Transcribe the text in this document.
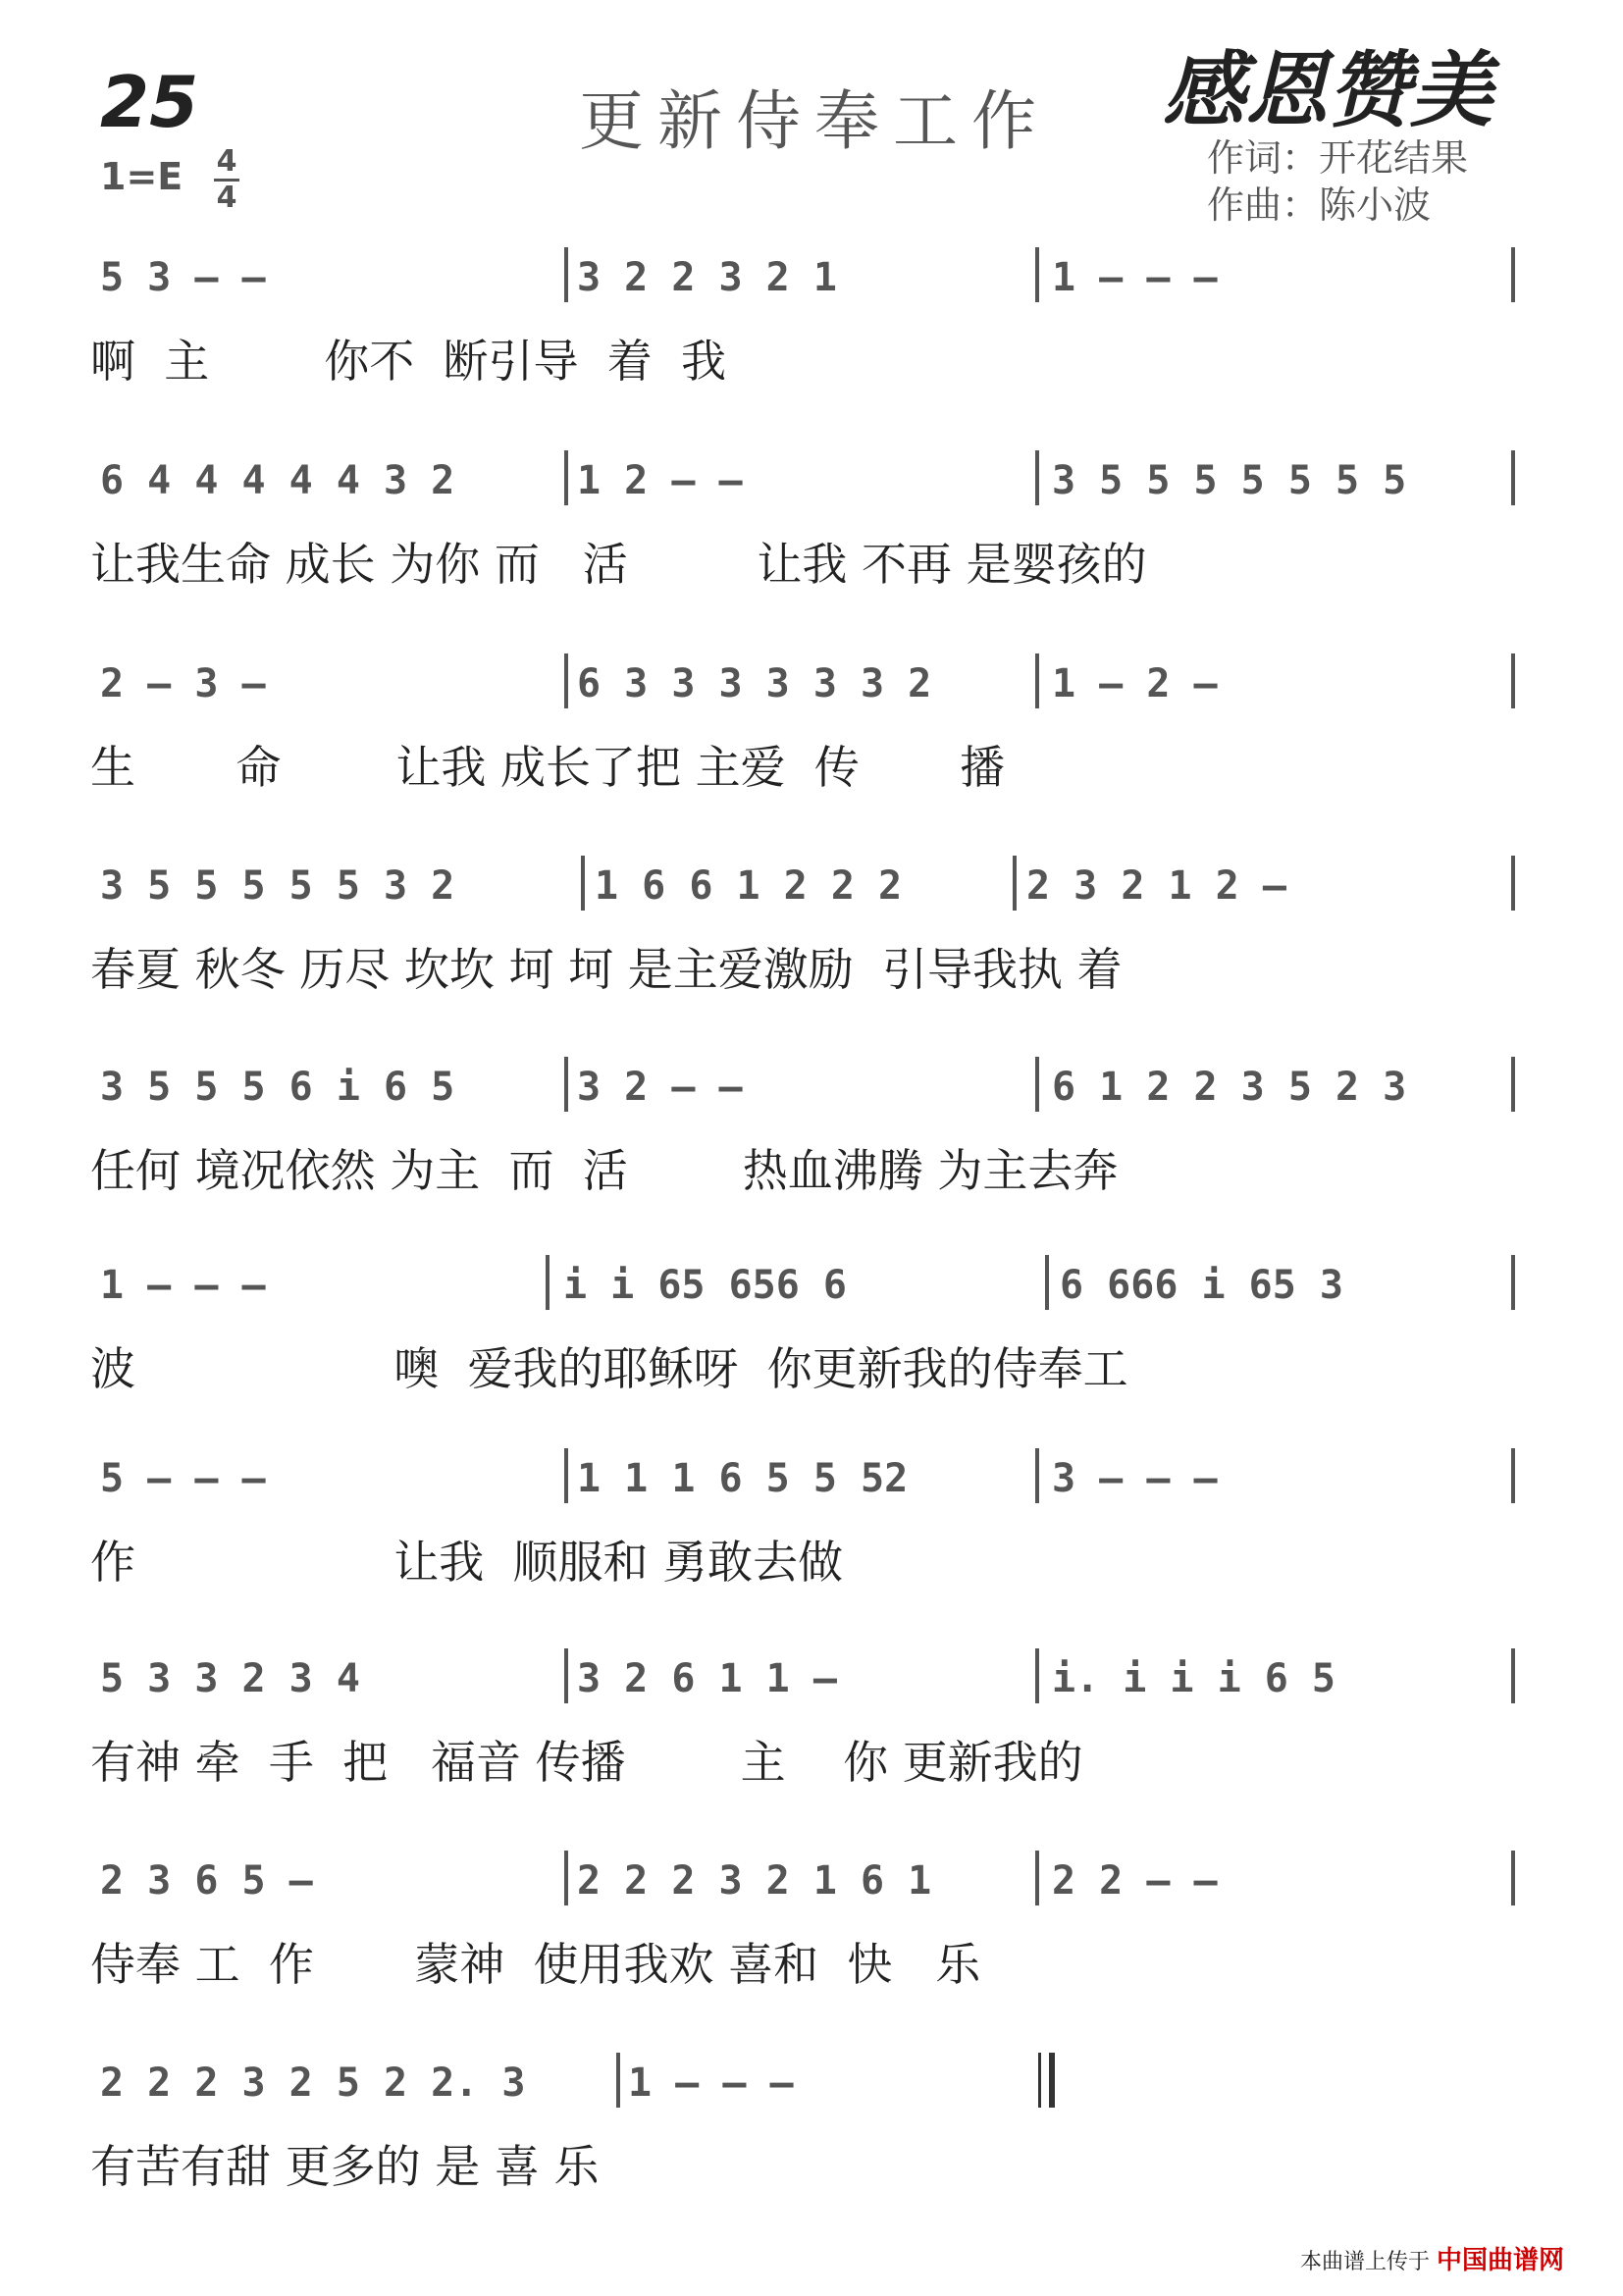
25	更新侍奉工作 感恩赞美
作词：开花结果
作曲：陈小波
1=E 4
4
5 3 – –	3 2 2 3 2 1	1 – – –
啊  主        你不  断引导  着  我
6 4 4 4 4 4 3 2	1 2 – –	3 5 5 5 5 5 5 5
让我生命 成长 为你 而   活         让我 不再 是婴孩的
2 – 3 –	6 3 3 3 3 3 3 2	1 – 2 –
生       命        让我 成长了把 主爱  传       播
3 5 5 5 5 5 3 2	1 6 6 1 2 2 2	2 3 2 1 2 –
春夏 秋冬 历尽 坎坎 坷 坷 是主爱激励  引导我执 着
3 5 5 5 6 i 6 5	3 2 – –	6 1 2 2 3 5 2 3
任何 境况依然 为主  而  活        热血沸腾 为主去奔
1 – – –	i i 65 656 6	6 666 i 65 3
波                  噢  爱我的耶稣呀  你更新我的侍奉工
5 – – –	1 1 1 6 5 5 52	3 – – –
作                  让我  顺服和 勇敢去做
5 3 3 2 3 4	3 2 6 1 1 –	i. i i i 6 5
有神 牵  手  把   福音 传播        主    你 更新我的
2 3 6 5 –	2 2 2 3 2 1 6 1	2 2 – –
侍奉 工  作       蒙神  使用我欢 喜和  快   乐
2 2 2 3 2 5 2 2. 3	1 – – –
有苦有甜 更多的 是 喜 乐
本曲谱上传于 中国曲谱网
